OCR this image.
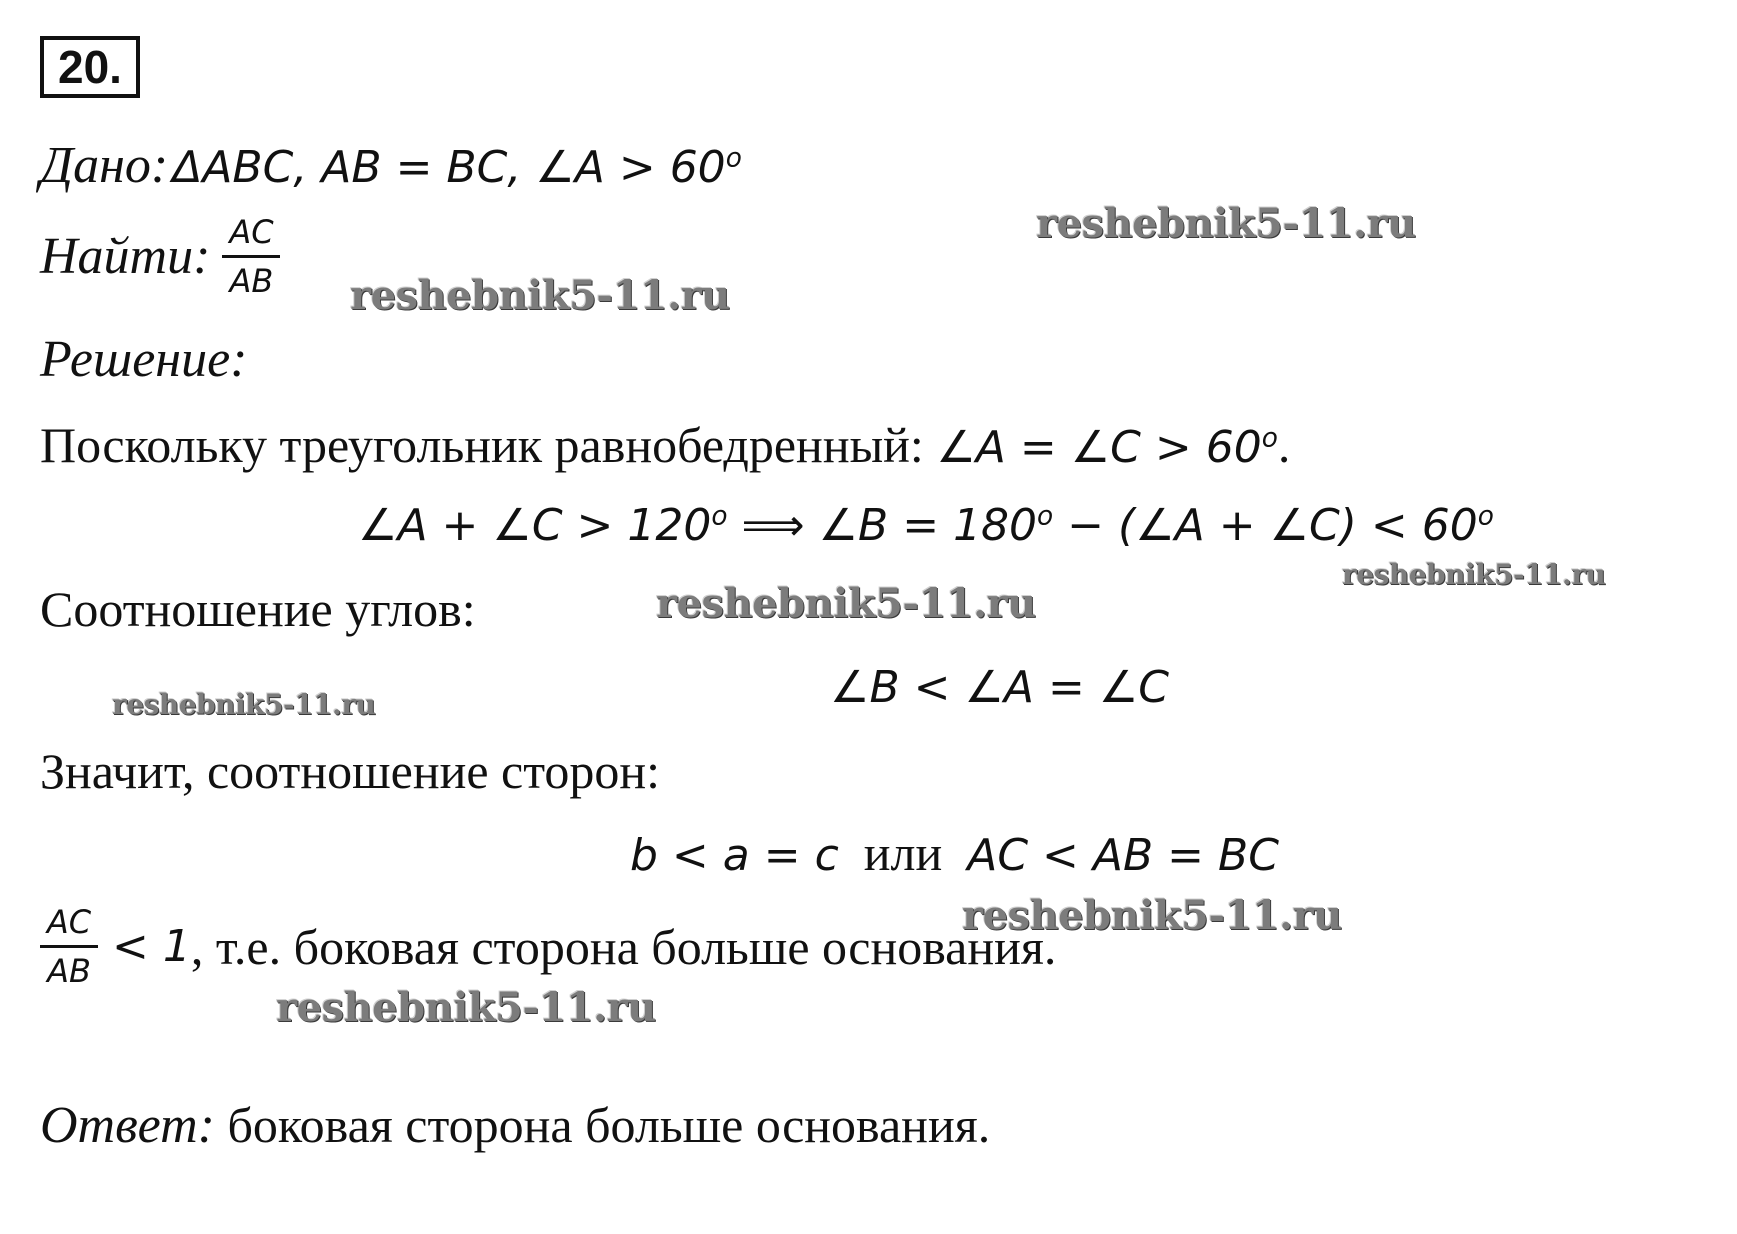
20.
Дано: ΔABC, AB = BC, ∠A > $60^o$
Найти : $\frac{AC}{AB}$
Решение:
Поскольку треугольник равнобедренный: ∠A = ∠C > $60^o$.
∠A + ∠C > $120^o$ ⟹ ∠B = $180^o$ − (∠A + ∠C) < $60^o$
Соотношение углов:
∠B < ∠A = ∠C
Значит, соотношение сторон:
b < a = c  или  AC < AB = BC
$\frac{AC}{AB} < 1$ , т.е. боковая сторона больше основания.
Ответ: боковая сторона больше основания.
reshebnik5-11.ru
reshebnik5-11.ru
reshebnik5-11.ru
reshebnik5-11.ru
reshebnik5-11.ru
reshebnik5-11.ru
reshebnik5-11.ru
